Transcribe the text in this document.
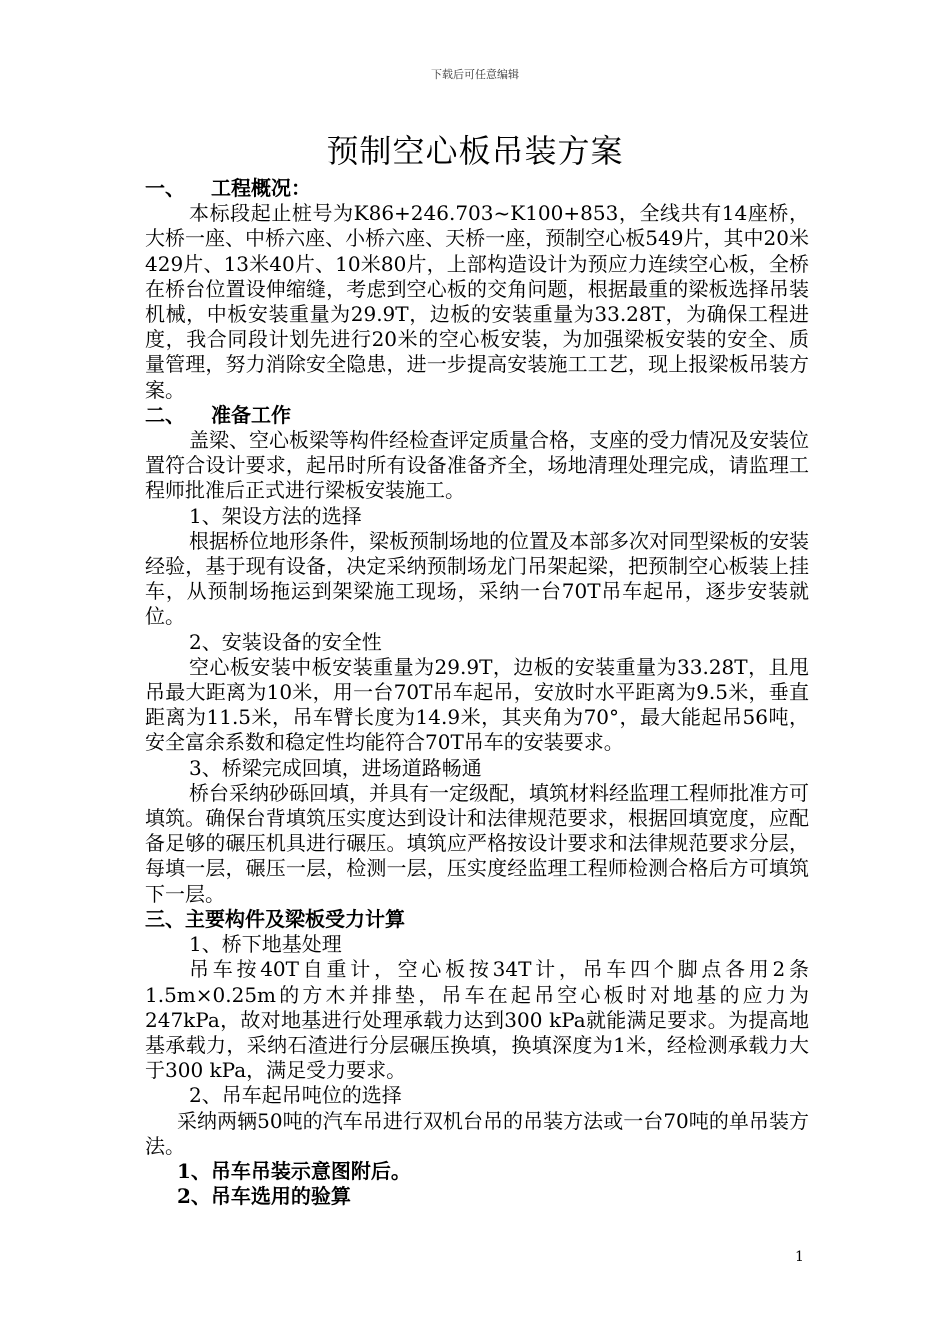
下载后可任意编辑
预制空心板吊装方案

一、 工程概况：

本标段起止桩号为K86+246.703~K100+853，全线共有14座桥，大桥一座、中桥六座、小桥六座、天桥一座，预制空心板549片，其中20米429片、13米40片、10米80片，上部构造设计为预应力连续空心板，全桥在桥台位置设伸缩缝，考虑到空心板的交角问题，根据最重的梁板选择吊装机械，中板安装重量为29.9T，边板的安装重量为33.28T，为确保工程进度，我合同段计划先进行20米的空心板安装，为加强梁板安装的安全、质量管理，努力消除安全隐患，进一步提高安装施工工艺，现上报梁板吊装方案。

二、 准备工作

盖梁、空心板梁等构件经检查评定质量合格，支座的受力情况及安装位置符合设计要求，起吊时所有设备准备齐全，场地清理处理完成，请监理工程师批准后正式进行梁板安装施工。

1、架设方法的选择

根据桥位地形条件，梁板预制场地的位置及本部多次对同型梁板的安装经验，基于现有设备，决定采纳预制场龙门吊架起梁，把预制空心板装上挂车，从预制场拖运到架梁施工现场，采纳一台70T吊车起吊，逐步安装就位。

2、安装设备的安全性

空心板安装中板安装重量为29.9T，边板的安装重量为33.28T，且甩吊最大距离为10米，用一台70T吊车起吊，安放时水平距离为9.5米，垂直距离为11.5米，吊车臂长度为14.9米，其夹角为70°，最大能起吊56吨，安全富余系数和稳定性均能符合70T吊车的安装要求。

3、桥梁完成回填，进场道路畅通

桥台采纳砂砾回填，并具有一定级配，填筑材料经监理工程师批准方可填筑。确保台背填筑压实度达到设计和法律规范要求，根据回填宽度，应配备足够的碾压机具进行碾压。填筑应严格按设计要求和法律规范要求分层，每填一层，碾压一层，检测一层，压实度经监理工程师检测合格后方可填筑下一层。

三、主要构件及梁板受力计算

1、桥下地基处理

吊车按40T自重计，空心板按34T计，吊车四个脚点各用2条1.5m×0.25m的方木并排垫，吊车在起吊空心板时对地基的应力为247kPa，故对地基进行处理承载力达到300 kPa就能满足要求。为提高地基承载力，采纳石渣进行分层碾压换填，换填深度为1米，经检测承载力大于300 kPa，满足受力要求。

2、吊车起吊吨位的选择

采纳两辆50吨的汽车吊进行双机台吊的吊装方法或一台70吨的单吊装方法。

1、吊车吊装示意图附后。

2、吊车选用的验算

1
